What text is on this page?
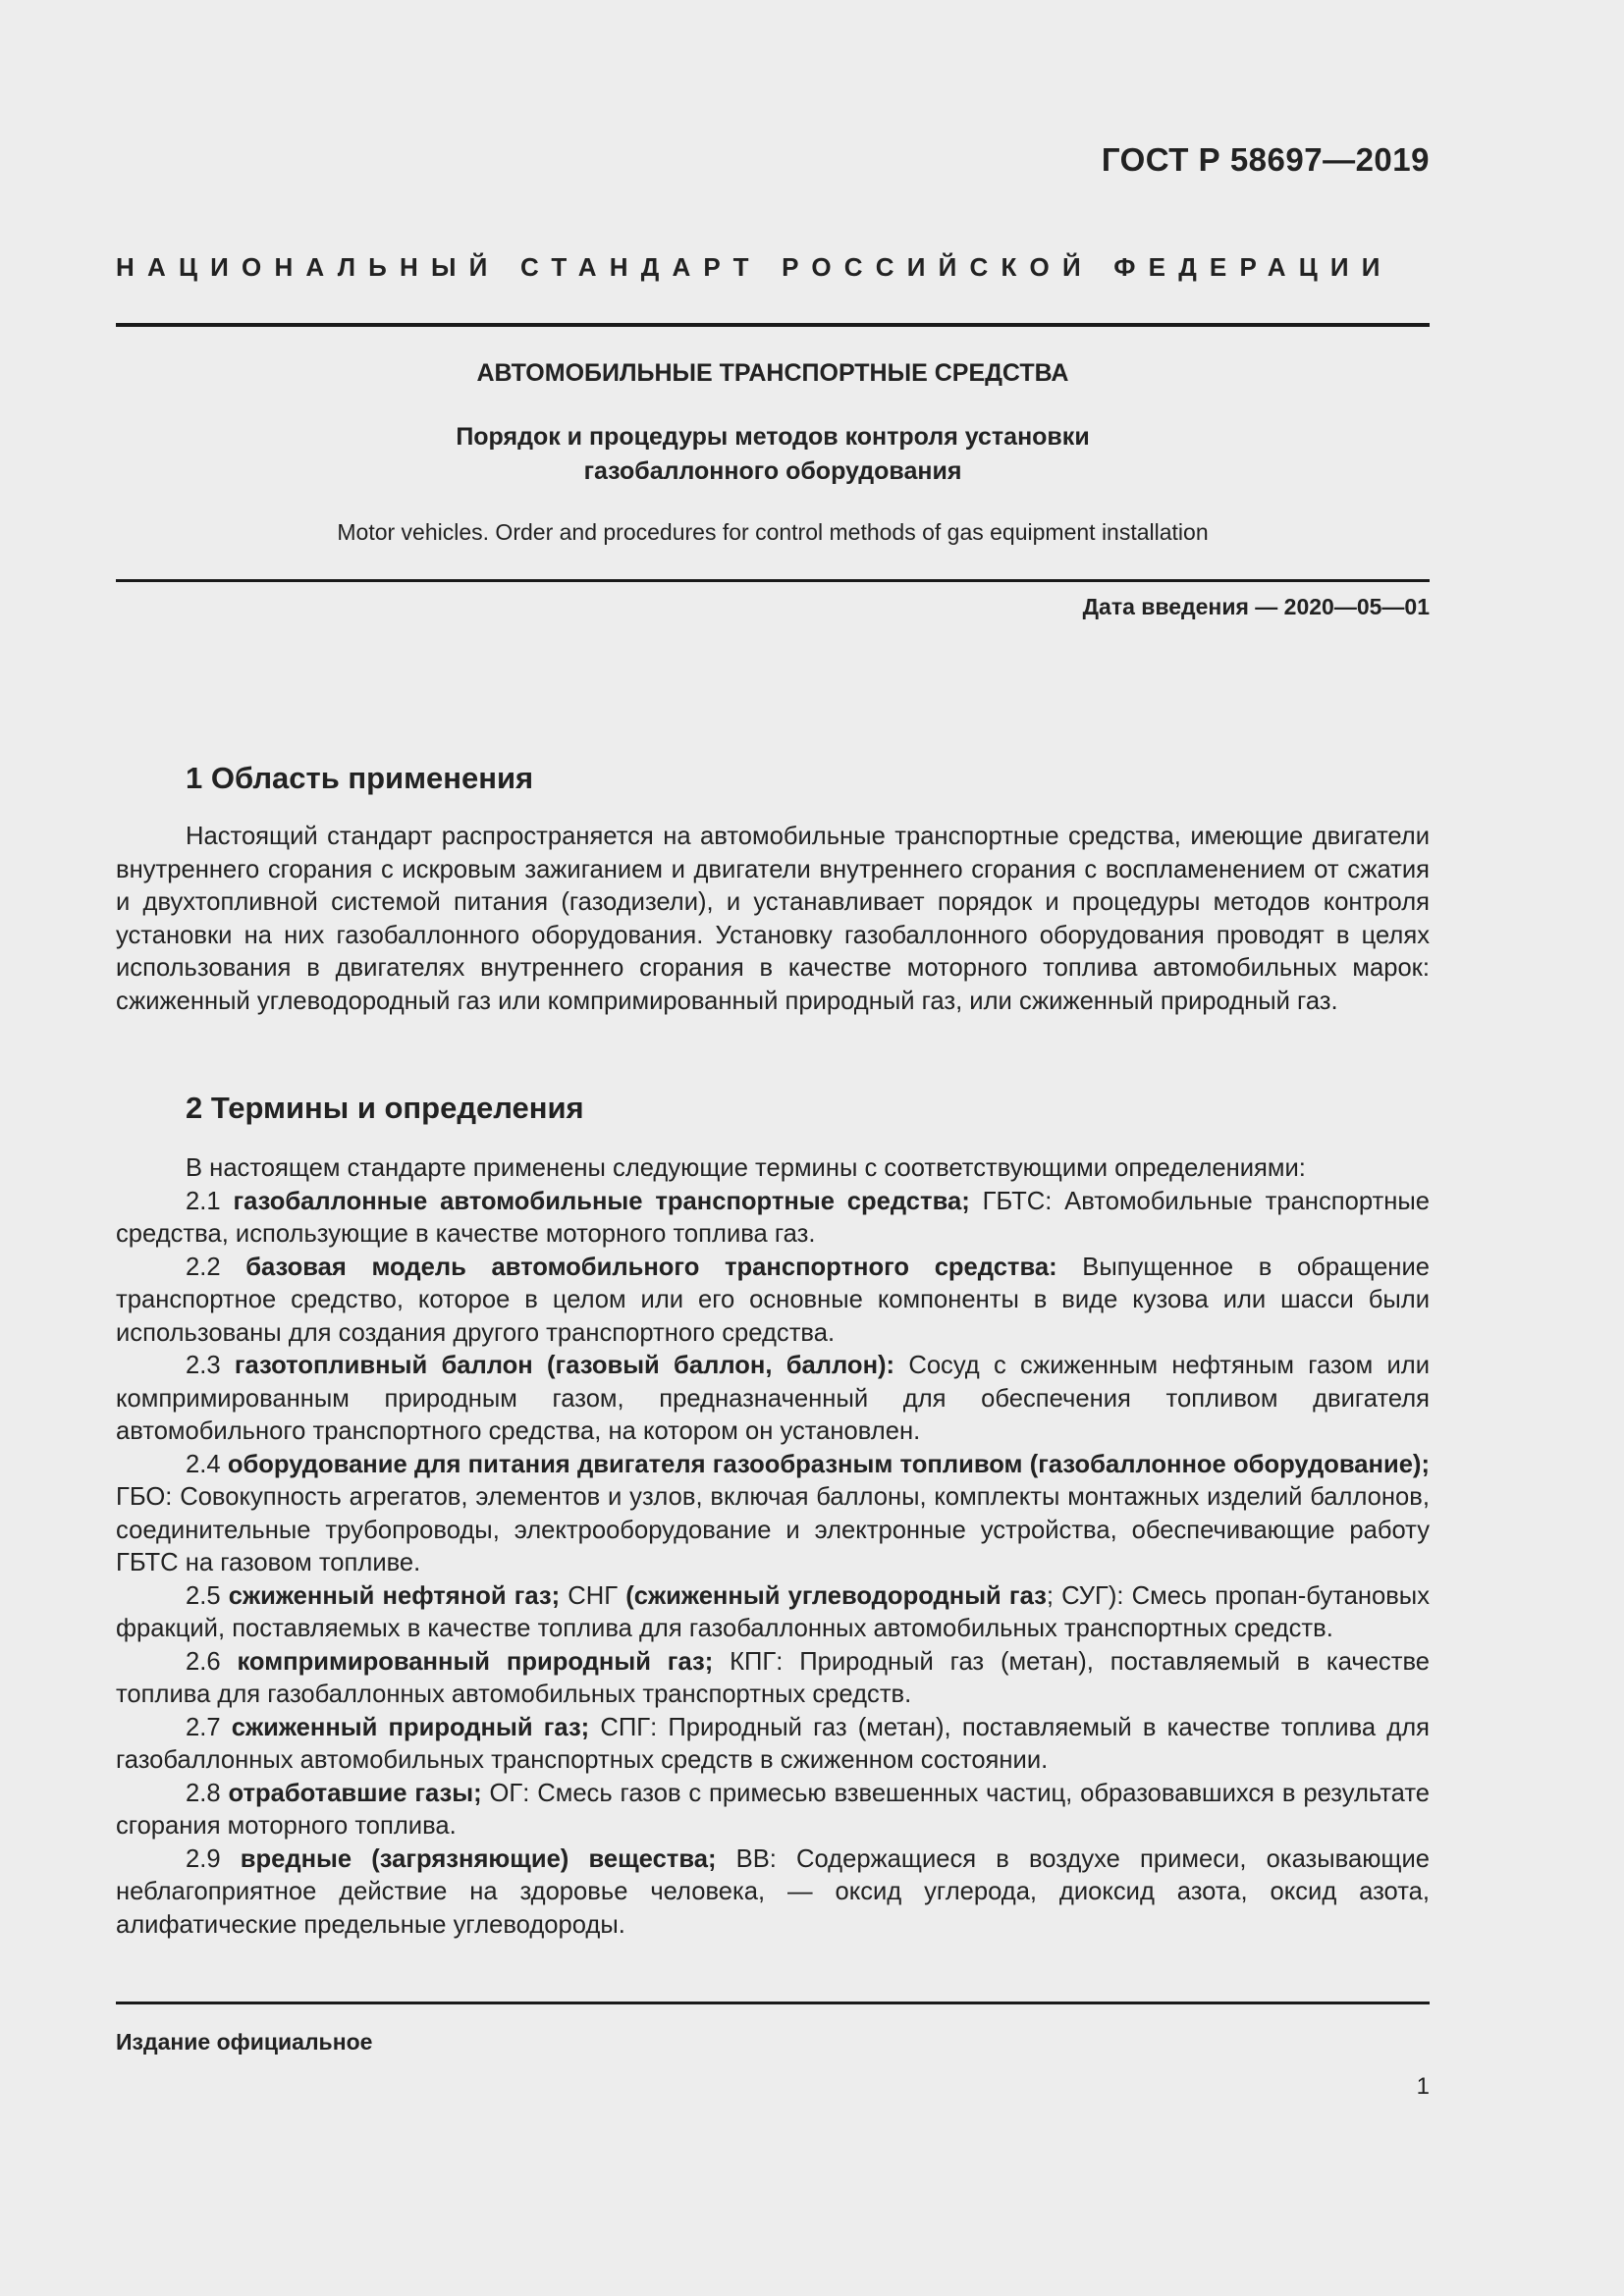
ГОСТ Р 58697—2019
НАЦИОНАЛЬНЫЙ СТАНДАРТ РОССИЙСКОЙ ФЕДЕРАЦИИ
АВТОМОБИЛЬНЫЕ ТРАНСПОРТНЫЕ СРЕДСТВА
Порядок и процедуры методов контроля установки
газобаллонного оборудования
Motor vehicles. Order and procedures for control methods of gas equipment installation
Дата введения — 2020—05—01
1 Область применения

Настоящий стандарт распространяется на автомобильные транспортные средства, имеющие двигатели внутреннего сгорания с искровым зажиганием и двигатели внутреннего сгорания с воспламенением от сжатия и двухтопливной системой питания (газодизели), и устанавливает порядок и процедуры методов контроля установки на них газобаллонного оборудования. Установку газобаллонного оборудования проводят в целях использования в двигателях внутреннего сгорания в качестве моторного топлива автомобильных марок: сжиженный углеводородный газ или компримированный природный газ, или сжиженный природный газ.

2 Термины и определения

В настоящем стандарте применены следующие термины с соответствующими определениями:

2.1 газобаллонные автомобильные транспортные средства; ГБТС: Автомобильные транспортные средства, использующие в качестве моторного топлива газ.

2.2 базовая модель автомобильного транспортного средства: Выпущенное в обращение транспортное средство, которое в целом или его основные компоненты в виде кузова или шасси были использованы для создания другого транспортного средства.

2.3 газотопливный баллон (газовый баллон, баллон): Сосуд с сжиженным нефтяным газом или компримированным природным газом, предназначенный для обеспечения топливом двигателя автомобильного транспортного средства, на котором он установлен.

2.4 оборудование для питания двигателя газообразным топливом (газобаллонное оборудование); ГБО: Совокупность агрегатов, элементов и узлов, включая баллоны, комплекты монтажных изделий баллонов, соединительные трубопроводы, электрооборудование и электронные устройства, обеспечивающие работу ГБТС на газовом топливе.

2.5 сжиженный нефтяной газ; СНГ (сжиженный углеводородный газ; СУГ): Смесь пропан-бутановых фракций, поставляемых в качестве топлива для газобаллонных автомобильных транспортных средств.

2.6 компримированный природный газ; КПГ: Природный газ (метан), поставляемый в качестве топлива для газобаллонных автомобильных транспортных средств.

2.7 сжиженный природный газ; СПГ: Природный газ (метан), поставляемый в качестве топлива для газобаллонных автомобильных транспортных средств в сжиженном состоянии.

2.8 отработавшие газы; ОГ: Смесь газов с примесью взвешенных частиц, образовавшихся в результате сгорания моторного топлива.

2.9 вредные (загрязняющие) вещества; ВВ: Содержащиеся в воздухе примеси, оказывающие неблагоприятное действие на здоровье человека, — оксид углерода, диоксид азота, оксид азота, алифатические предельные углеводороды.

Издание официальное
1
